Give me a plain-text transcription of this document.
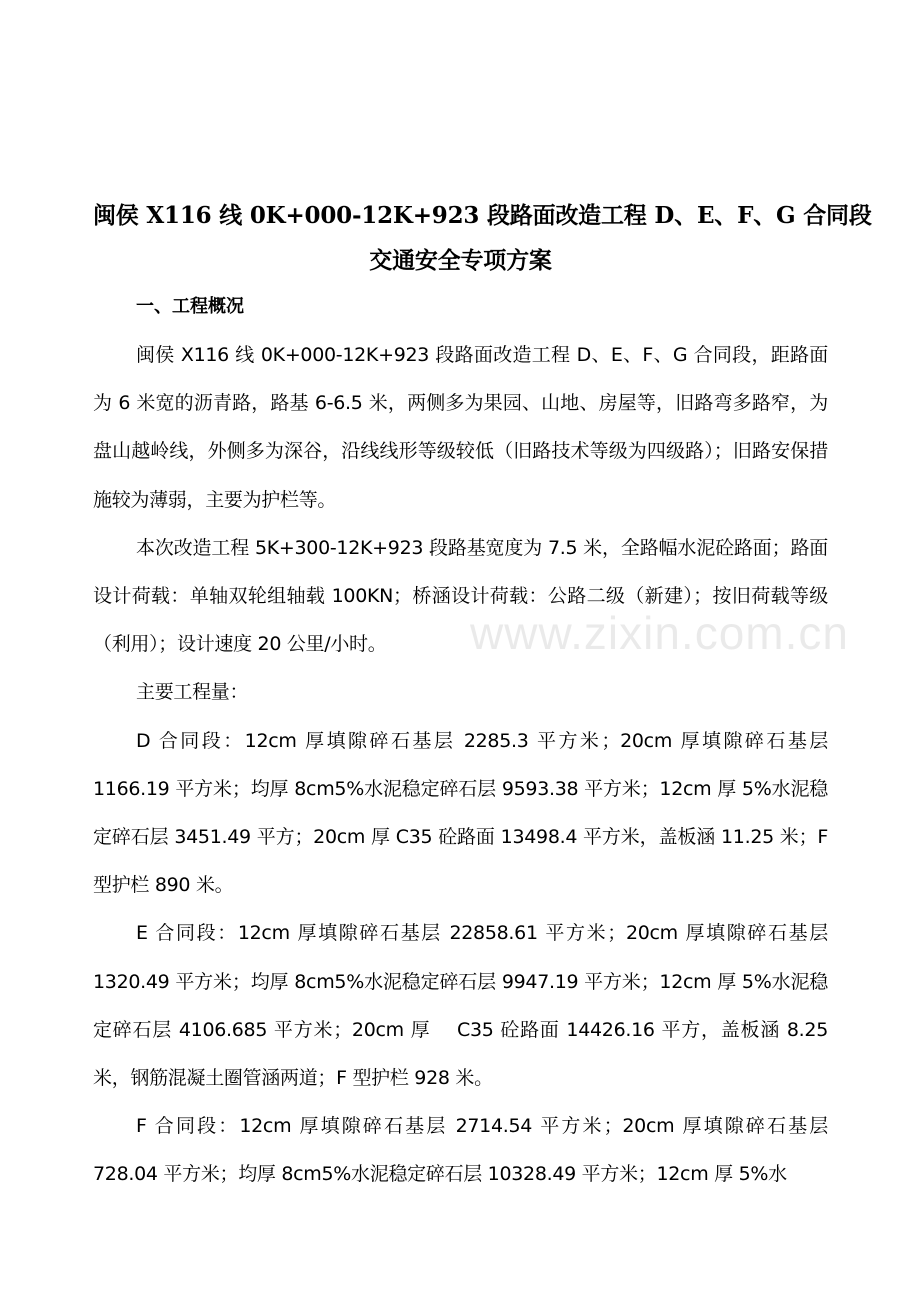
闽侯 X116 线 0K+000-12K+923 段路面改造工程 D、E、F、G 合同段
交通安全专项方案
一、工程概况

闽侯 X116 线 0K+000-12K+923 段路面改造工程 D、E、F、G 合同段，距路面为 6 米宽的沥青路，路基 6-6.5 米，两侧多为果园、山地、房屋等，旧路弯多路窄，为盘山越岭线，外侧多为深谷，沿线线形等级较低（旧路技术等级为四级路）；旧路安保措施较为薄弱，主要为护栏等。

本次改造工程 5K+300-12K+923 段路基宽度为 7.5 米，全路幅水泥砼路面；路面设计荷载：单轴双轮组轴载 100KN；桥涵设计荷载：公路二级（新建）；按旧荷载等级（利用）；设计速度 20 公里/小时。

主要工程量：

D 合同段：12cm 厚填隙碎石基层 2285.3 平方米；20cm 厚填隙碎石基层 1166.19 平方米；均厚 8cm5%水泥稳定碎石层 9593.38 平方米；12cm 厚 5%水泥稳定碎石层 3451.49 平方；20cm 厚 C35 砼路面 13498.4 平方米，盖板涵 11.25 米；F 型护栏 890 米。

E 合同段：12cm 厚填隙碎石基层 22858.61 平方米；20cm 厚填隙碎石基层 1320.49 平方米；均厚 8cm5%水泥稳定碎石层 9947.19 平方米；12cm 厚 5%水泥稳定碎石层 4106.685 平方米；20cm 厚　 C35 砼路面 14426.16 平方，盖板涵 8.25 米，钢筋混凝土圈管涵两道；F 型护栏 928 米。

F 合同段：12cm 厚填隙碎石基层 2714.54 平方米；20cm 厚填隙碎石基层 728.04 平方米；均厚 8cm5%水泥稳定碎石层 10328.49 平方米；12cm 厚 5%水

www.zixin.com.cn
